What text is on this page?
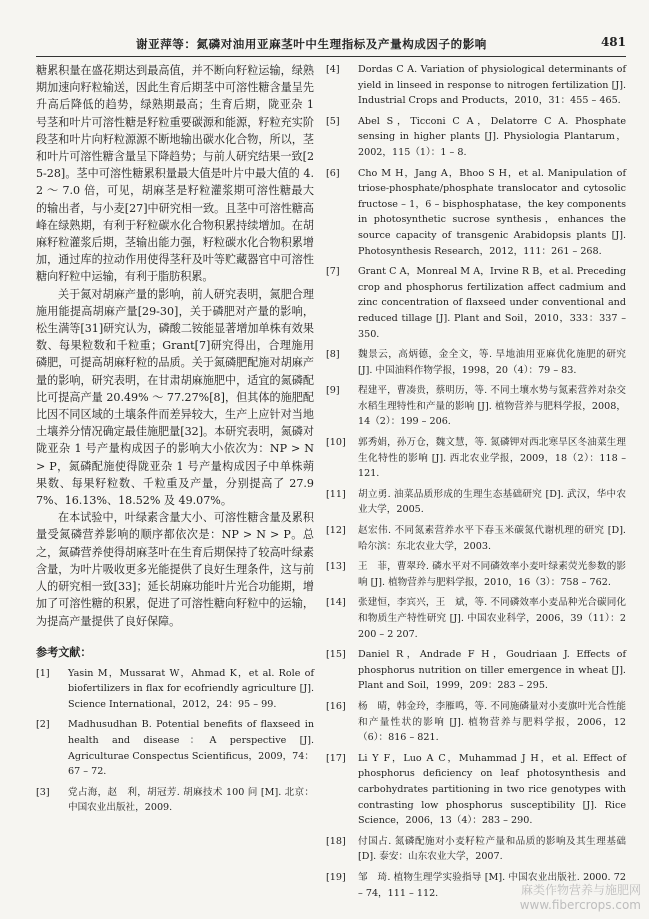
谢亚萍等：氮磷对油用亚麻茎叶中生理指标及产量构成因子的影响	481

糖累积量在盛花期达到最高值，并不断向籽粒运输，绿熟期加速向籽粒输送，因此生育后期茎中可溶性糖含量呈先升高后降低的趋势，绿熟期最高；生育后期，陇亚杂 1 号茎和叶片可溶性糖是籽粒重要碳源和能源，籽粒充实阶段茎和叶片向籽粒源源不断地输出碳水化合物，所以，茎和叶片可溶性糖含量呈下降趋势；与前人研究结果一致[25-28]。茎中可溶性糖累积量最大值是叶片中最大值的 4.2 ～ 7.0 倍，可见，胡麻茎是籽粒灌浆期可溶性糖最大的输出者，与小麦[27]中研究相一致。且茎中可溶性糖高峰在绿熟期，有利于籽粒碳水化合物积累持续增加。在胡麻籽粒灌浆后期，茎输出能力强，籽粒碳水化合物积累增加，通过库的拉动作用使得茎秆及叶等贮藏器官中可溶性糖向籽粒中运输，有利于脂肪积累。

关于氮对胡麻产量的影响，前人研究表明，氮肥合理施用能提高胡麻产量[29-30]，关于磷肥对产量的影响，松生满等[31]研究认为，磷酸二铵能显著增加单株有效果数、每果粒数和千粒重；Grant[7]研究得出，合理施用磷肥，可提高胡麻籽粒的品质。关于氮磷肥配施对胡麻产量的影响，研究表明，在甘肃胡麻施肥中，适宜的氮磷配比可提高产量 20.49% ～ 77.27%[8]，但其体的施肥配比因不同区域的土壤条件而差异较大，生产上应针对当地土壤养分情况确定最佳施肥量[32]。本研究表明，氮磷对陇亚杂 1 号产量构成因子的影响大小依次为：NP > N > P，氮磷配施使得陇亚杂 1 号产量构成因子中单株蒴果数、每果籽粒数、千粒重及产量，分别提高了 27.97%、16.13%、18.52% 及 49.07%。

在本试验中，叶绿素含量大小、可溶性糖含量及累积量受氮磷营养影响的顺序都依次是：NP > N > P。总之，氮磷营养使得胡麻茎叶在生育后期保持了较高叶绿素含量，为叶片吸收更多光能提供了良好生理条件，这与前人的研究相一致[33]；延长胡麻功能叶片光合功能期，增加了可溶性糖的积累，促进了可溶性糖向籽粒中的运输，为提高产量提供了良好保障。

参考文献：
[1]	Yasin M，Mussarat W，Ahmad K，et al. Role of biofertilizers in flax for ecofriendly agriculture [J]. Science International，2012，24：95 – 99.
[2]	Madhusudhan B. Potential benefits of flaxseed in health and disease：A perspective [J]. Agriculturae Conspectus Scientificus，2009，74：67 – 72.
[3]	党占海，赵　利，胡冠芳. 胡麻技术 100 问 [M]. 北京：中国农业出版社，2009.
[4]	Dordas C A. Variation of physiological determinants of yield in linseed in response to nitrogen fertilization [J]. Industrial Crops and Products，2010，31：455 – 465.
[5]	Abel S，Ticconi C A，Delatorre C A. Phosphate sensing in higher plants [J]. Physiologia Plantarum，2002，115（1）：1 – 8.
[6]	Cho M H，Jang A，Bhoo S H，et al. Manipulation of triose-phosphate/phosphate translocator and cytosolic fructose – 1，6 – bisphosphatase，the key components in photosynthetic sucrose synthesis，enhances the source capacity of transgenic Arabidopsis plants [J]. Photosynthesis Research，2012，111：261 – 268.
[7]	Grant C A，Monreal M A，Irvine R B，et al. Preceding crop and phosphorus fertilization affect cadmium and zinc concentration of flaxseed under conventional and reduced tillage [J]. Plant and Soil，2010，333：337 – 350.
[8]	魏景云，高炳德，金全文，等. 旱地油用亚麻优化施肥的研究 [J]. 中国油料作物学报，1998，20（4）：79 – 83.
[9]	程建平，曹凑贵，蔡明历，等. 不同土壤水势与氮素营养对杂交水稻生理特性和产量的影响 [J]. 植物营养与肥料学报，2008，14（2）：199 – 206.
[10]	郭秀娟，孙万仓，魏文慧，等. 氮磷钾对西北寒旱区冬油菜生理生化特性的影响 [J]. 西北农业学报，2009，18（2）：118 – 121.
[11]	胡立勇. 油菜品质形成的生理生态基础研究 [D]. 武汉，华中农业大学，2005.
[12]	赵宏伟. 不同氮素营养水平下春玉米碳氮代谢机理的研究 [D]. 哈尔滨：东北农业大学，2003.
[13]	王　菲，曹翠玲. 磷水平对不同磷效率小麦叶绿素荧光参数的影响 [J]. 植物营养与肥料学报，2010，16（3）：758 – 762.
[14]	张建恒，李宾兴，王　斌，等. 不同磷效率小麦品种光合碳同化和物质生产特性研究 [J]. 中国农业科学，2006，39（11）：2 200 – 2 207.
[15]	Daniel R，Andrade F H，Goudriaan J. Effects of phosphorus nutrition on tiller emergence in wheat [J]. Plant and Soil，1999，209：283 – 295.
[16]	杨　晴，韩金玲，李雁鸣，等. 不同施磷量对小麦旗叶光合性能和产量性状的影响 [J]. 植物营养与肥料学报，2006，12（6）：816 – 821.
[17]	Li Y F，Luo A C，Muhammad J H，et al. Effect of phosphorus deficiency on leaf photosynthesis and carbohydrates partitioning in two rice genotypes with contrasting low phosphorus susceptibility [J]. Rice Science，2006，13（4）：283 – 290.
[18]	付国占. 氮磷配施对小麦籽粒产量和品质的影响及其生理基础 [D]. 泰安：山东农业大学，2007.
[19]	邹　琦. 植物生理学实验指导 [M]. 中国农业出版社. 2000. 72 – 74，111 – 112.	麻类作物营养与施肥网
www.fibercrops.com
